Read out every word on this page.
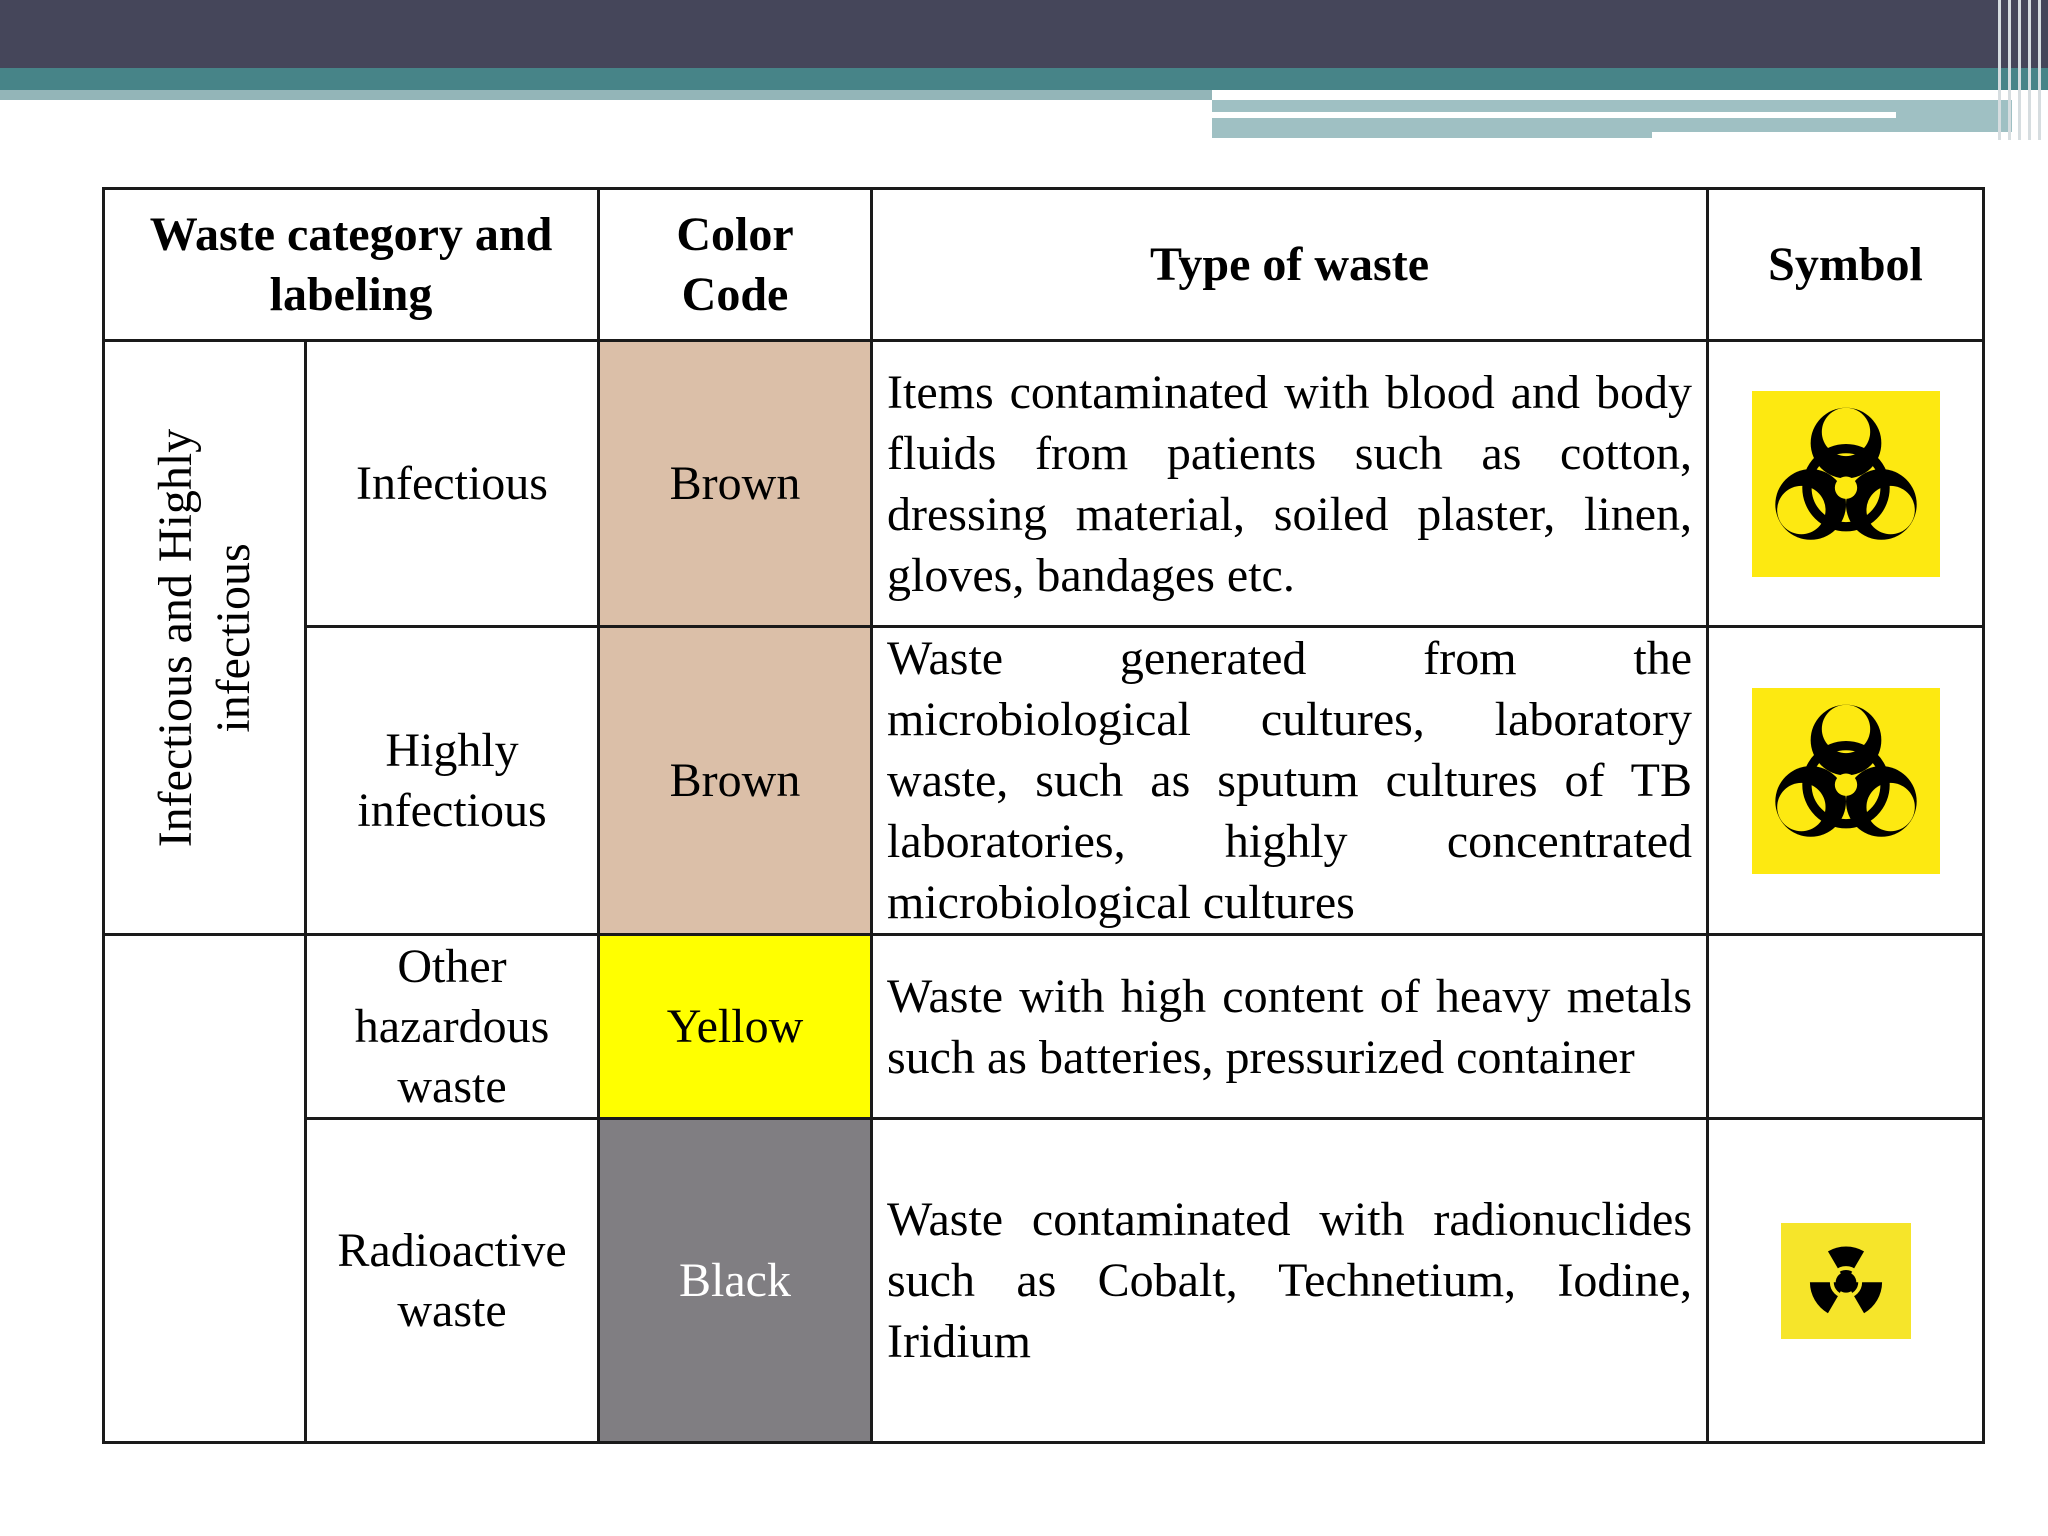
Waste category and labeling		Color Code	Type of waste	Symbol

Infectious and Highly infectious	Infectious	Brown	Items contaminated with blood and body fluids from patients such as cotton, dressing material, soiled plaster, linen, gloves, bandages etc.	

	Highly infectious	Brown	Waste generated from the microbiological cultures, laboratory waste, such as sputum cultures of TB laboratories, highly concentrated microbiological cultures	

	Other hazardous waste	Yellow	Waste with high content of heavy metals such as batteries, pressurized container	
	Radioactive waste	Black	Waste contaminated with radionuclides such as Cobalt, Technetium, Iodine, Iridium	
